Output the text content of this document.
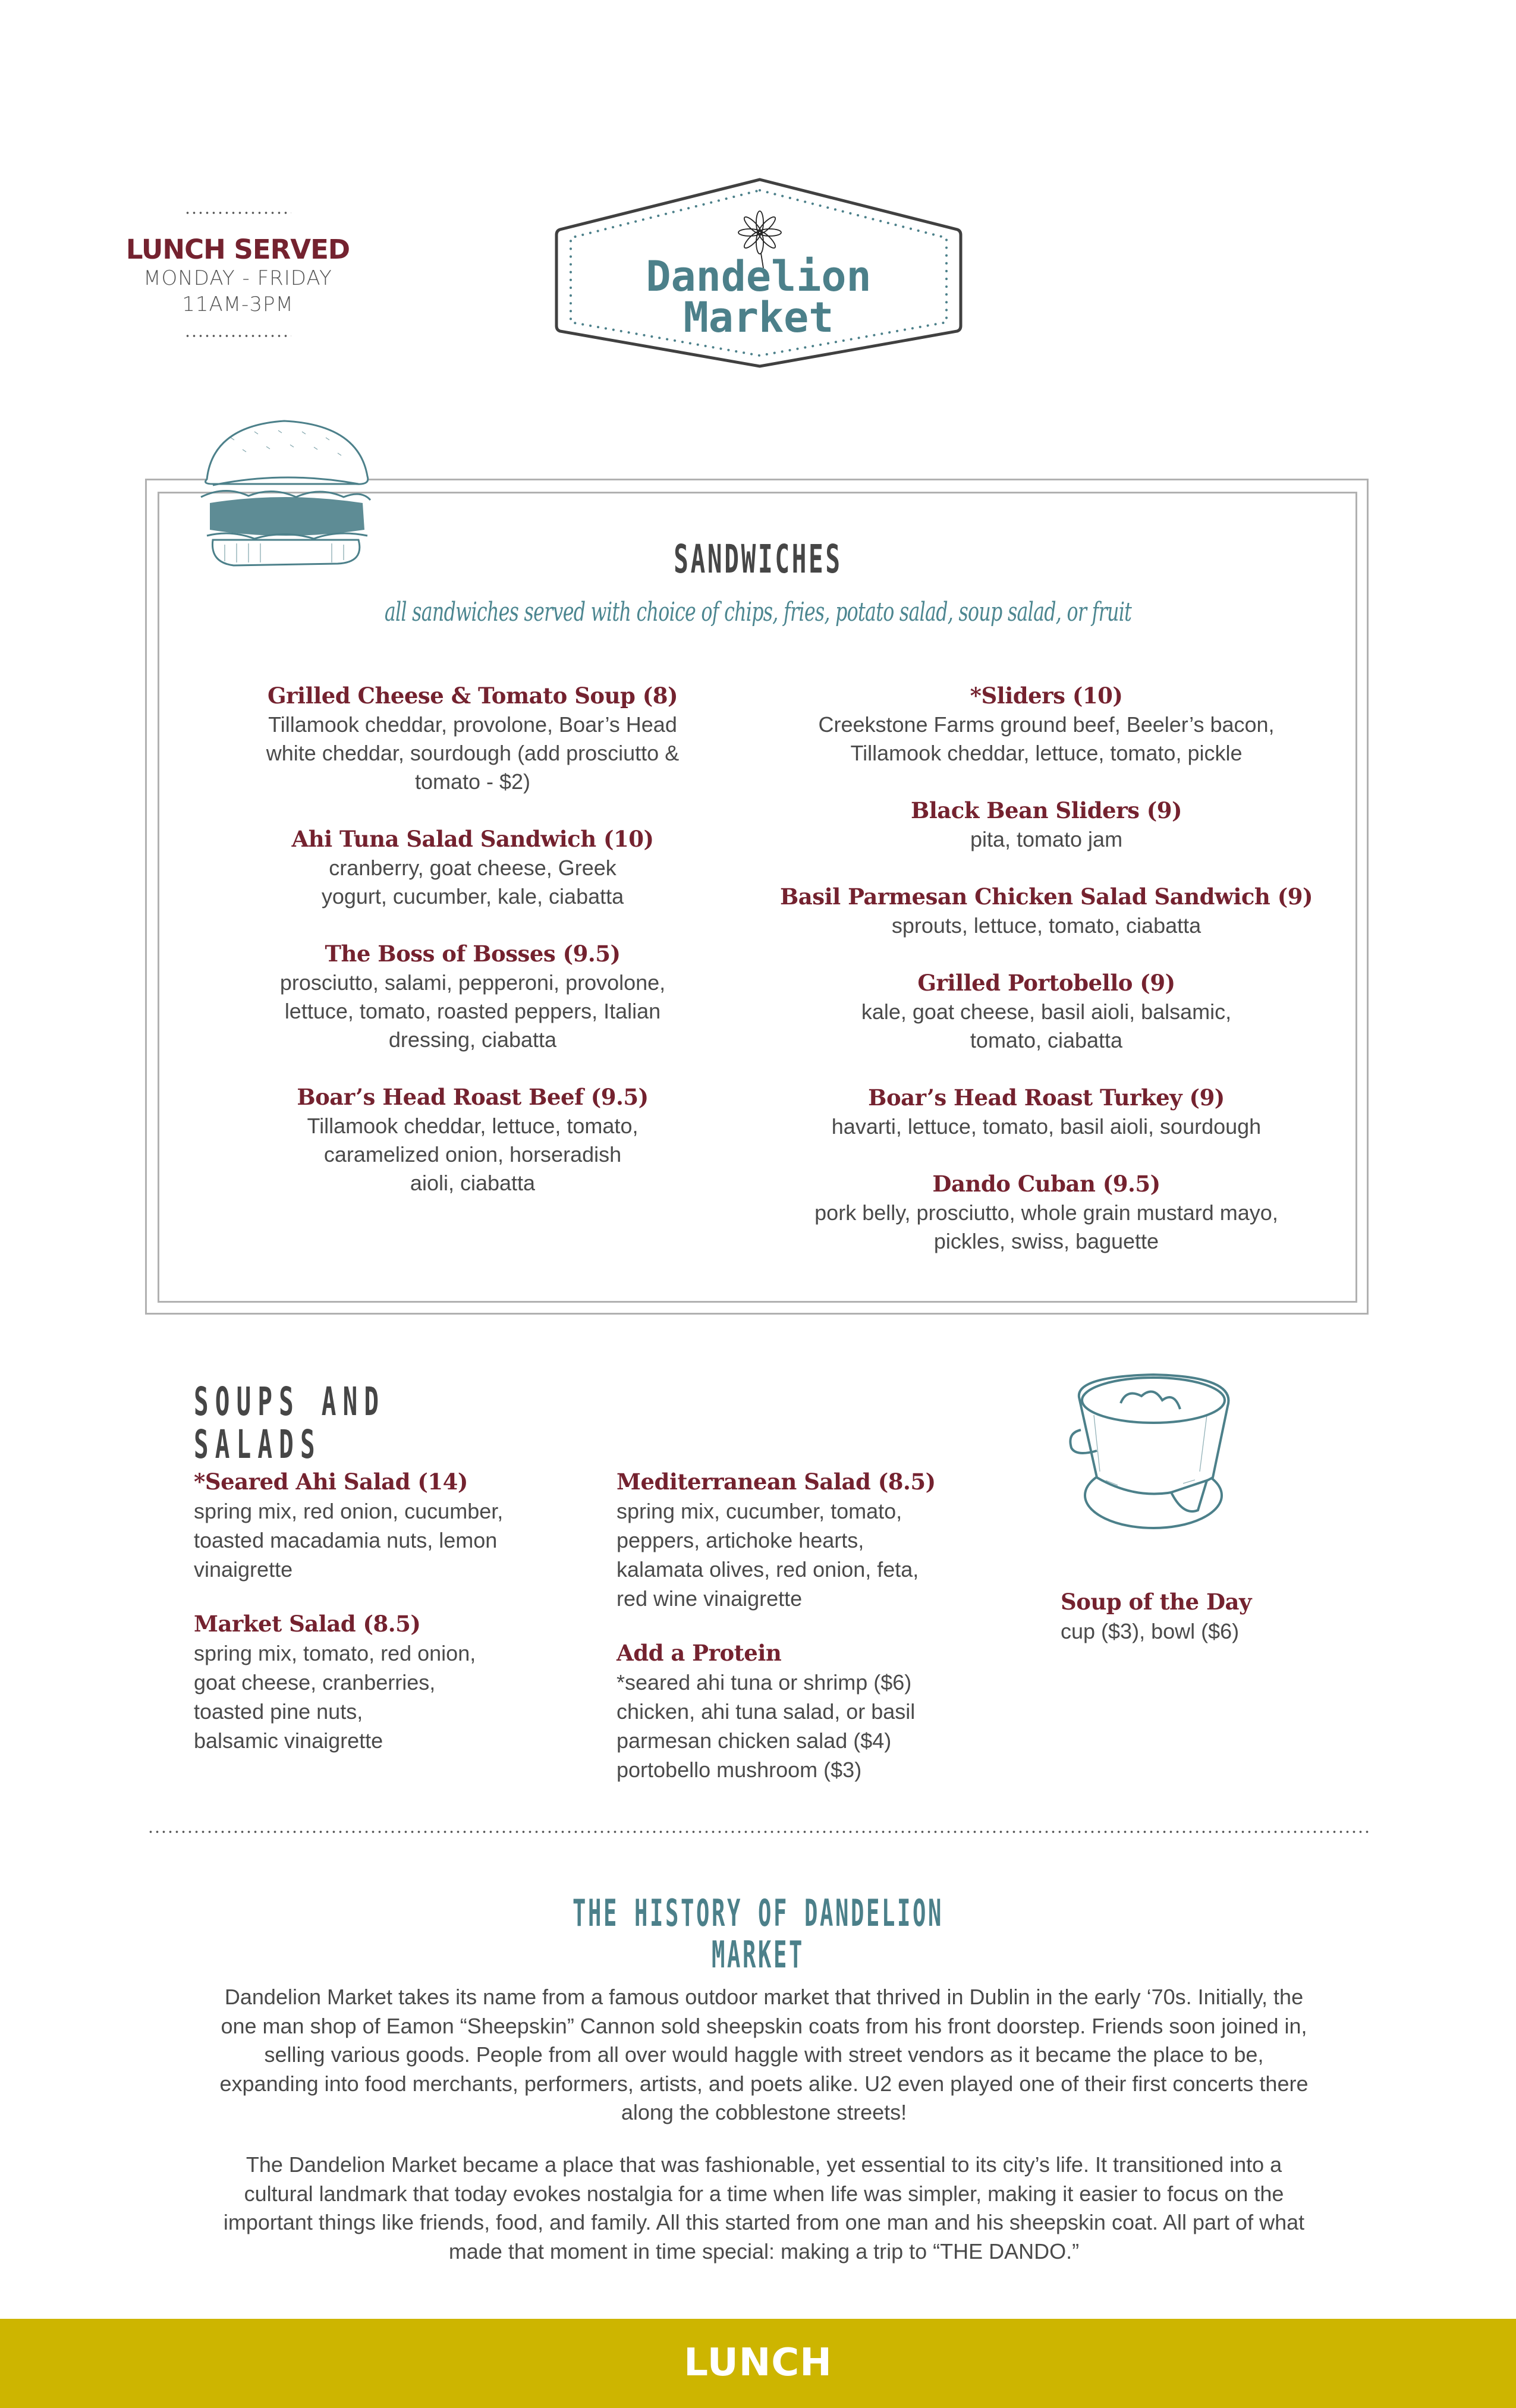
LUNCH SERVED
MONDAY - FRIDAY
11AM-3PM
Dandelion
Market
SANDWICHES
all sandwiches served with choice of chips, fries, potato salad, soup salad, or fruit
Grilled Cheese & Tomato Soup (8)
Tillamook cheddar, provolone, Boar’s Head white cheddar, sourdough (add prosciutto & tomato - $2)
Ahi Tuna Salad Sandwich (10)
cranberry, goat cheese, Greek yogurt, cucumber, kale, ciabatta
The Boss of Bosses (9.5)
prosciutto, salami, pepperoni, provolone, lettuce, tomato, roasted peppers, Italian dressing, ciabatta
Boar’s Head Roast Beef (9.5)
Tillamook cheddar, lettuce, tomato, caramelized onion, horseradish aioli, ciabatta
*Sliders (10)
Creekstone Farms ground beef, Beeler’s bacon, Tillamook cheddar, lettuce, tomato, pickle
Black Bean Sliders (9)
pita, tomato jam
Basil Parmesan Chicken Salad Sandwich (9)
sprouts, lettuce, tomato, ciabatta
Grilled Portobello (9)
kale, goat cheese, basil aioli, balsamic, tomato, ciabatta
Boar’s Head Roast Turkey (9)
havarti, lettuce, tomato, basil aioli, sourdough
Dando Cuban (9.5)
pork belly, prosciutto, whole grain mustard mayo, pickles, swiss, baguette
SOUPS AND SALADS
*Seared Ahi Salad (14)
spring mix, red onion, cucumber,
toasted macadamia nuts, lemon
vinaigrette
Market Salad (8.5)
spring mix, tomato, red onion,
goat cheese, cranberries,
toasted pine nuts,
balsamic vinaigrette
Mediterranean Salad (8.5)
spring mix, cucumber, tomato,
peppers, artichoke hearts,
kalamata olives, red onion, feta,
red wine vinaigrette
Add a Protein
*seared ahi tuna or shrimp ($6)
chicken, ahi tuna salad, or basil
parmesan chicken salad ($4)
portobello mushroom ($3)
Soup of the Day
cup ($3), bowl ($6)
THE HISTORY OF DANDELION MARKET
Dandelion Market takes its name from a famous outdoor market that thrived in Dublin in the early ‘70s. Initially, the one man shop of Eamon “Sheepskin” Cannon sold sheepskin coats from his front doorstep. Friends soon joined in, selling various goods. People from all over would haggle with street vendors as it became the place to be, expanding into food merchants, performers, artists, and poets alike. U2 even played one of their first concerts there along the cobblestone streets!
The Dandelion Market became a place that was fashionable, yet essential to its city’s life. It transitioned into a cultural landmark that today evokes nostalgia for a time when life was simpler, making it easier to focus on the important things like friends, food, and family. All this started from one man and his sheepskin coat. All part of what made that moment in time special: making a trip to “THE DANDO.”
LUNCH
